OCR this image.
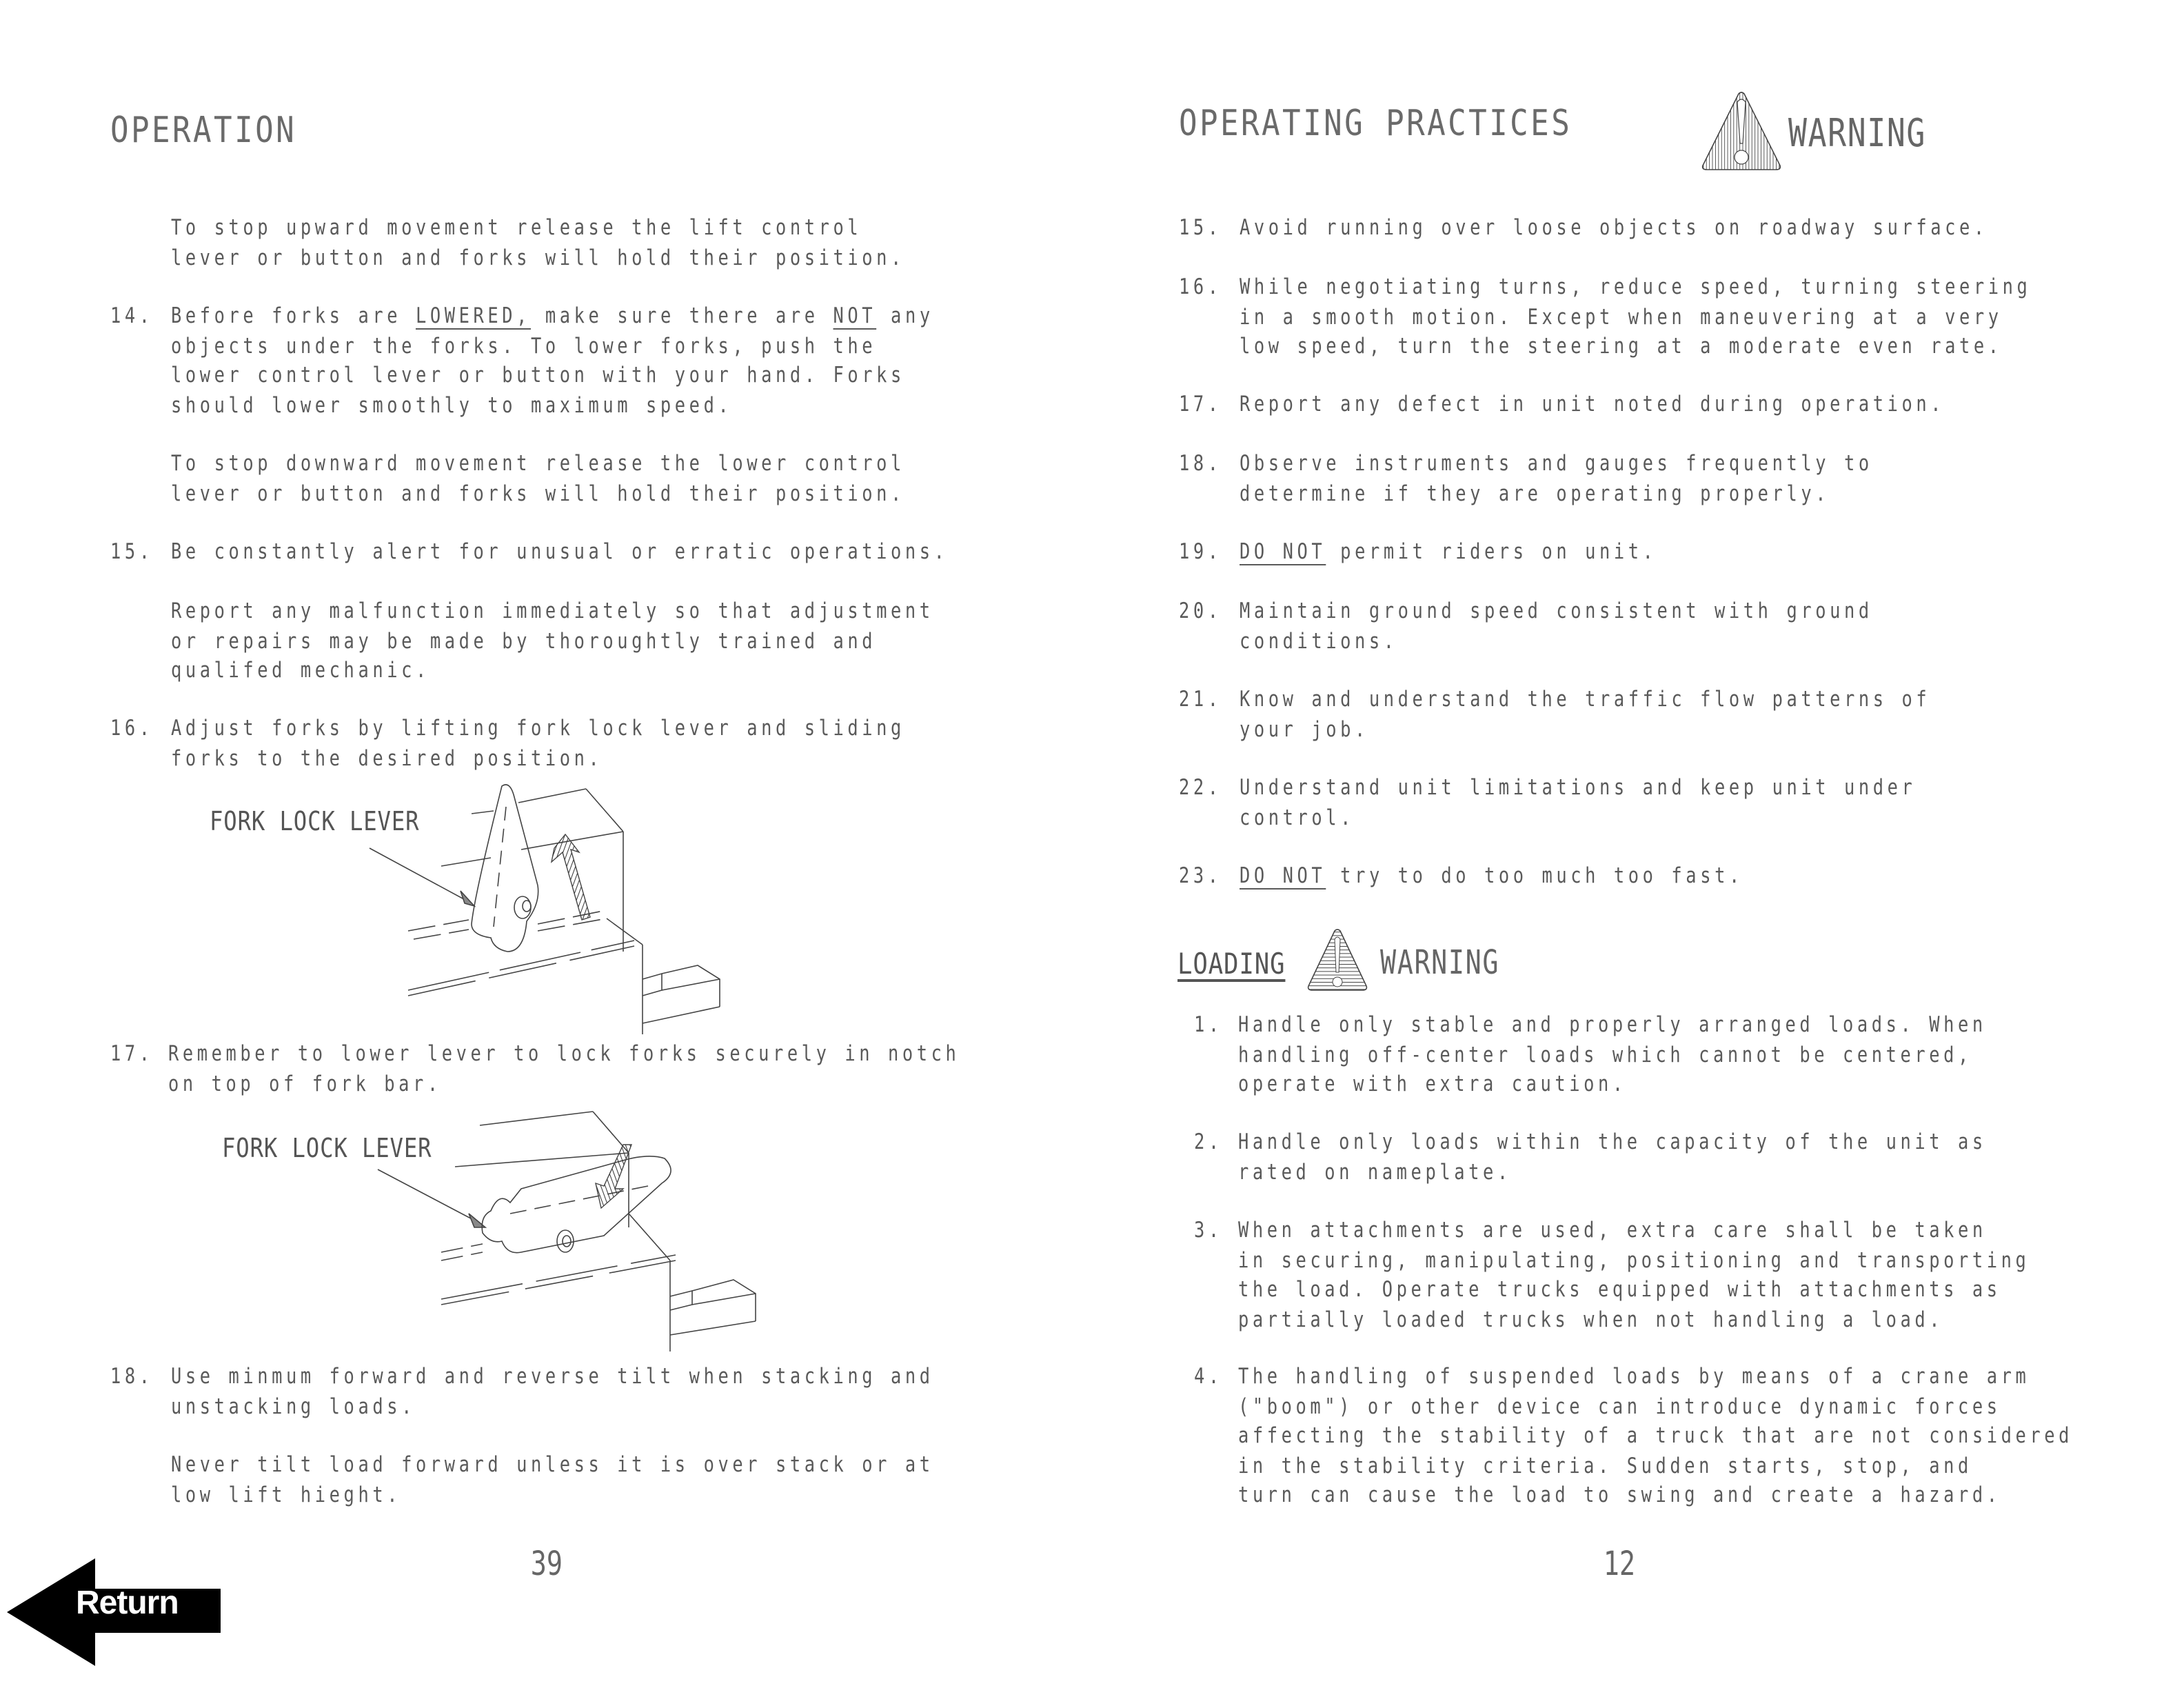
OPERATION
To stop upward movement release the lift control
lever or button and forks will hold their position.
14. Before forks are LOWERED, make sure there are NOT any
objects under the forks. To lower forks, push the
lower control lever or button with your hand. Forks
should lower smoothly to maximum speed.
To stop downward movement release the lower control
lever or button and forks will hold their position.
15. Be constantly alert for unusual or erratic operations.
Report any malfunction immediately so that adjustment
or repairs may be made by thoroughtly trained and
qualifed mechanic.
16. Adjust forks by lifting fork lock lever and sliding
forks to the desired position.
FORK LOCK LEVER
17. Remember to lower lever to lock forks securely in notch
on top of fork bar.
FORK LOCK LEVER
18. Use minmum forward and reverse tilt when stacking and
unstacking loads.
Never tilt load forward unless it is over stack or at
low lift hieght.
39
Return
OPERATING PRACTICES	WARNING
15. Avoid running over loose objects on roadway surface.
16. While negotiating turns, reduce speed, turning steering
in a smooth motion. Except when maneuvering at a very
low speed, turn the steering at a moderate even rate.
17. Report any defect in unit noted during operation.
18. Observe instruments and gauges frequently to
determine if they are operating properly.
19. DO NOT permit riders on unit.
20. Maintain ground speed consistent with ground
conditions.
21. Know and understand the traffic flow patterns of
your job.
22. Understand unit limitations and keep unit under
control.
23. DO NOT try to do too much too fast.
LOADING	WARNING
1. Handle only stable and properly arranged loads. When
handling off-center loads which cannot be centered,
operate with extra caution.
2. Handle only loads within the capacity of the unit as
rated on nameplate.
3. When attachments are used, extra care shall be taken
in securing, manipulating, positioning and transporting
the load. Operate trucks equipped with attachments as
partially loaded trucks when not handling a load.
4. The handling of suspended loads by means of a crane arm
("boom") or other device can introduce dynamic forces
affecting the stability of a truck that are not considered
in the stability criteria. Sudden starts, stop, and
turn can cause the load to swing and create a hazard.
12
